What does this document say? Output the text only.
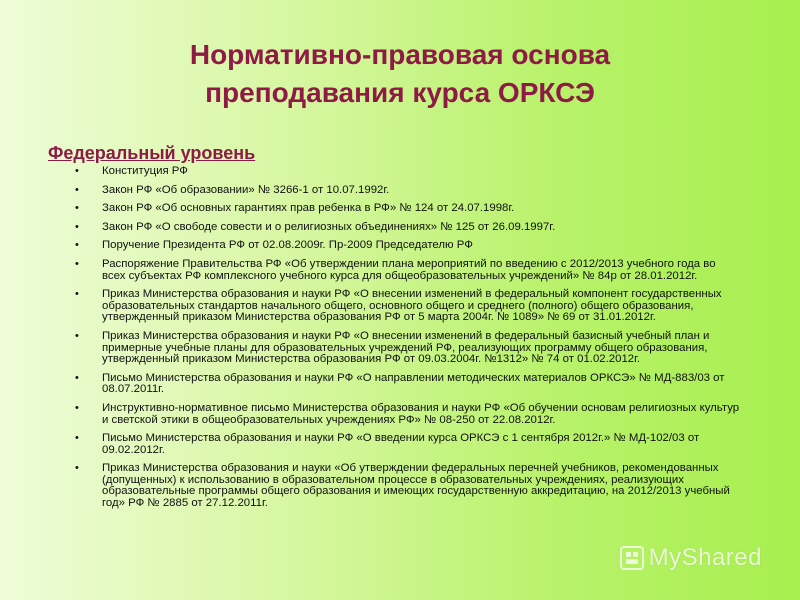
Нормативно-правовая основа
преподавания курса ОРКСЭ
Федеральный уровень
• Конституция РФ
• Закон РФ «Об образовании» № 3266-1 от 10.07.1992г.
• Закон РФ «Об основных гарантиях прав ребенка в РФ» № 124 от 24.07.1998г.
• Закон РФ «О свободе совести и о религиозных объединениях» № 125 от 26.09.1997г.
• Поручение Президента РФ от 02.08.2009г. Пр-2009 Председателю РФ
• Распоряжение Правительства РФ «Об утверждении плана мероприятий по введению с 2012/2013 учебного года во всех субъектах РФ комплексного учебного курса для общеобразовательных учреждений» № 84р от 28.01.2012г.
• Приказ Министерства образования и науки РФ «О внесении изменений в федеральный компонент государственных образовательных стандартов начального общего, основного общего и среднего (полного) общего образования, утвержденный приказом Министерства образования РФ от 5 марта 2004г. № 1089» № 69 от 31.01.2012г.
• Приказ Министерства образования и науки РФ «О внесении изменений в федеральный базисный учебный план и примерные учебные планы для образовательных учреждений РФ, реализующих программу общего образования, утвержденный приказом Министерства образования РФ от 09.03.2004г. №1312» № 74 от 01.02.2012г.
• Письмо Министерства образования и науки РФ «О направлении методических материалов ОРКСЭ» № МД-883/03 от 08.07.2011г.
• Инструктивно-нормативное письмо Министерства образования и науки РФ «Об обучении основам религиозных культур и светской этики в общеобразовательных учреждениях РФ» № 08-250 от 22.08.2012г.
• Письмо Министерства образования и науки РФ «О введении курса ОРКСЭ с 1 сентября 2012г.» № МД-102/03 от 09.02.2012г.
• Приказ Министерства образования и науки «Об утверждении федеральных перечней учебников, рекомендованных (допущенных) к использованию в образовательном процессе в образовательных учреждениях, реализующих образовательные программы общего образования и имеющих государственную аккредитацию, на 2012/2013 учебный год» РФ № 2885 от 27.12.2011г.
MyShared
